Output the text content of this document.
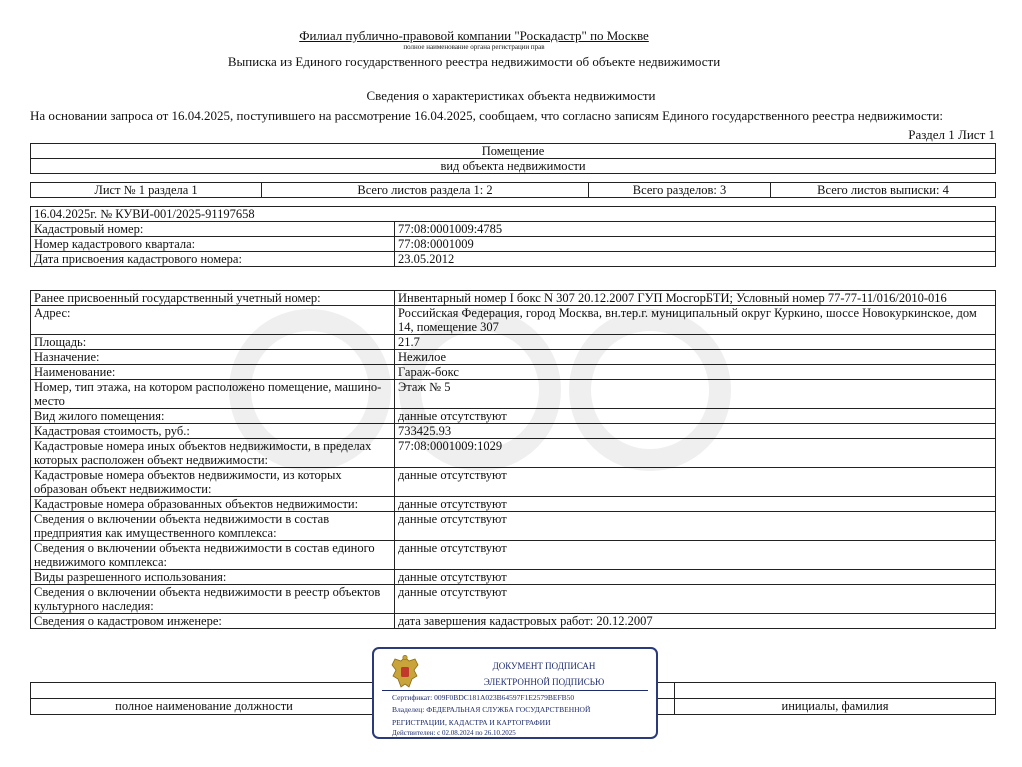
Филиал публично-правовой компании "Роскадастр" по Москве
полное наименование органа регистрации прав
Выписка из Единого государственного реестра недвижимости об объекте недвижимости
Сведения о характеристиках объекта недвижимости
На основании запроса от 16.04.2025, поступившего на рассмотрение 16.04.2025, сообщаем, что согласно записям Единого государственного реестра недвижимости:
Раздел 1 Лист 1
Помещение
вид объекта недвижимости
Лист № 1 раздела 1	Всего листов раздела 1: 2	Всего разделов: 3	Всего листов выписки: 4
16.04.2025г. № КУВИ-001/2025-91197658	
Кадастровый номер:	77:08:0001009:4785
Номер кадастрового квартала:	77:08:0001009
Дата присвоения кадастрового номера:	23.05.2012
Ранее присвоенный государственный учетный номер:	Инвентарный номер I бокс N 307 20.12.2007 ГУП МосгорБТИ; Условный номер 77-77-11/016/2010-016
Адрес:	Российская Федерация, город Москва, вн.тер.г. муниципальный округ Куркино, шоссе Новокуркинское, дом 14, помещение 307
Площадь:	21.7
Назначение:	Нежилое
Наименование:	Гараж-бокс
Номер, тип этажа, на котором расположено помещение, машино-место	Этаж № 5
Вид жилого помещения:	данные отсутствуют
Кадастровая стоимость, руб.:	733425.93
Кадастровые номера иных объектов недвижимости, в пределах которых расположен объект недвижимости:	77:08:0001009:1029
Кадастровые номера объектов недвижимости, из которых образован объект недвижимости:	данные отсутствуют
Кадастровые номера образованных объектов недвижимости:	данные отсутствуют
Сведения о включении объекта недвижимости в состав предприятия как имущественного комплекса:	данные отсутствуют
Сведения о включении объекта недвижимости в состав единого недвижимого комплекса:	данные отсутствуют
Виды разрешенного использования:	данные отсутствуют
Сведения о включении объекта недвижимости в реестр объектов культурного наследия:	данные отсутствуют
Сведения о кадастровом инженере:	дата завершения кадастровых работ: 20.12.2007

полное наименование должности		инициалы, фамилия
ДОКУМЕНТ ПОДПИСАН
ЭЛЕКТРОННОЙ ПОДПИСЬЮ
Сертификат: 009F0BDC181A023B64597F1E2579BEFB50
Владелец: ФЕДЕРАЛЬНАЯ СЛУЖБА ГОСУДАРСТВЕННОЙ
РЕГИСТРАЦИИ, КАДАСТРА И КАРТОГРАФИИ
Действителен: с 02.08.2024 по 26.10.2025
